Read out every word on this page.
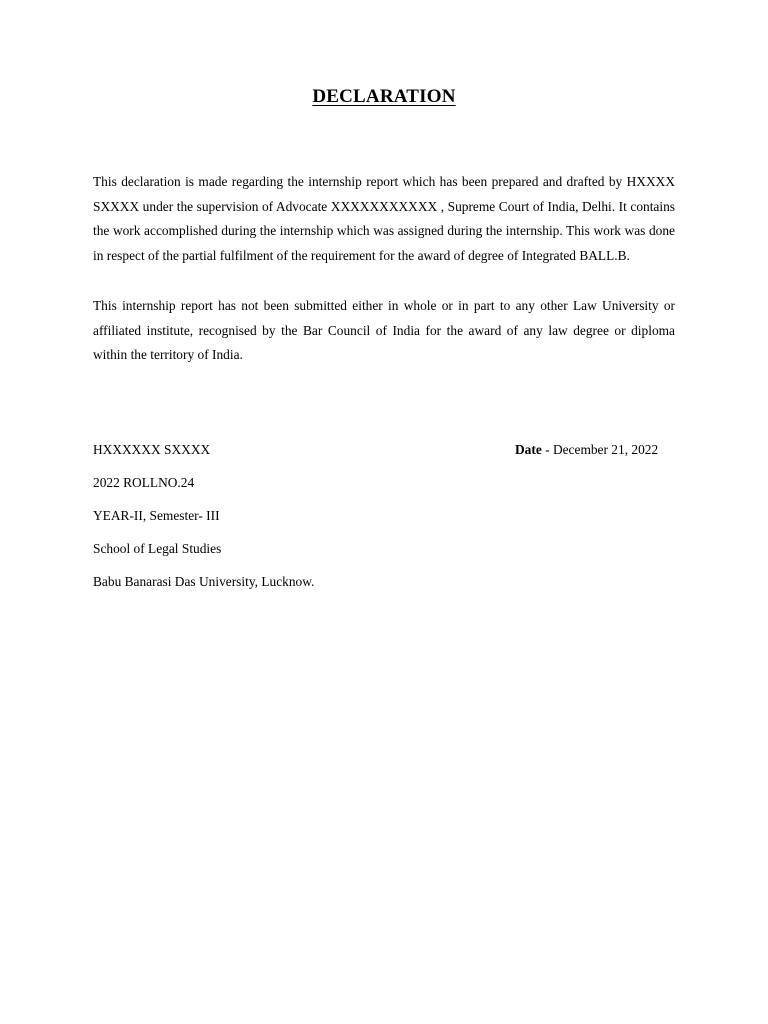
DECLARATION

This declaration is made regarding the internship report which has been prepared and drafted by HXXXX SXXXX under the supervision of Advocate XXXXXXXXXXX , Supreme Court of India, Delhi. It contains the work accomplished during the internship which was assigned during the internship. This work was done in respect of the partial fulfilment of the requirement for the award of degree of Integrated BALL.B.

This internship report has not been submitted either in whole or in part to any other Law University or affiliated institute, recognised by the Bar Council of India for the award of any law degree or diploma within the territory of India.

HXXXXXX SXXXX	Date - December 21, 2022
2022 ROLLNO.24
YEAR-II, Semester- III
School of Legal Studies
Babu Banarasi Das University, Lucknow.
